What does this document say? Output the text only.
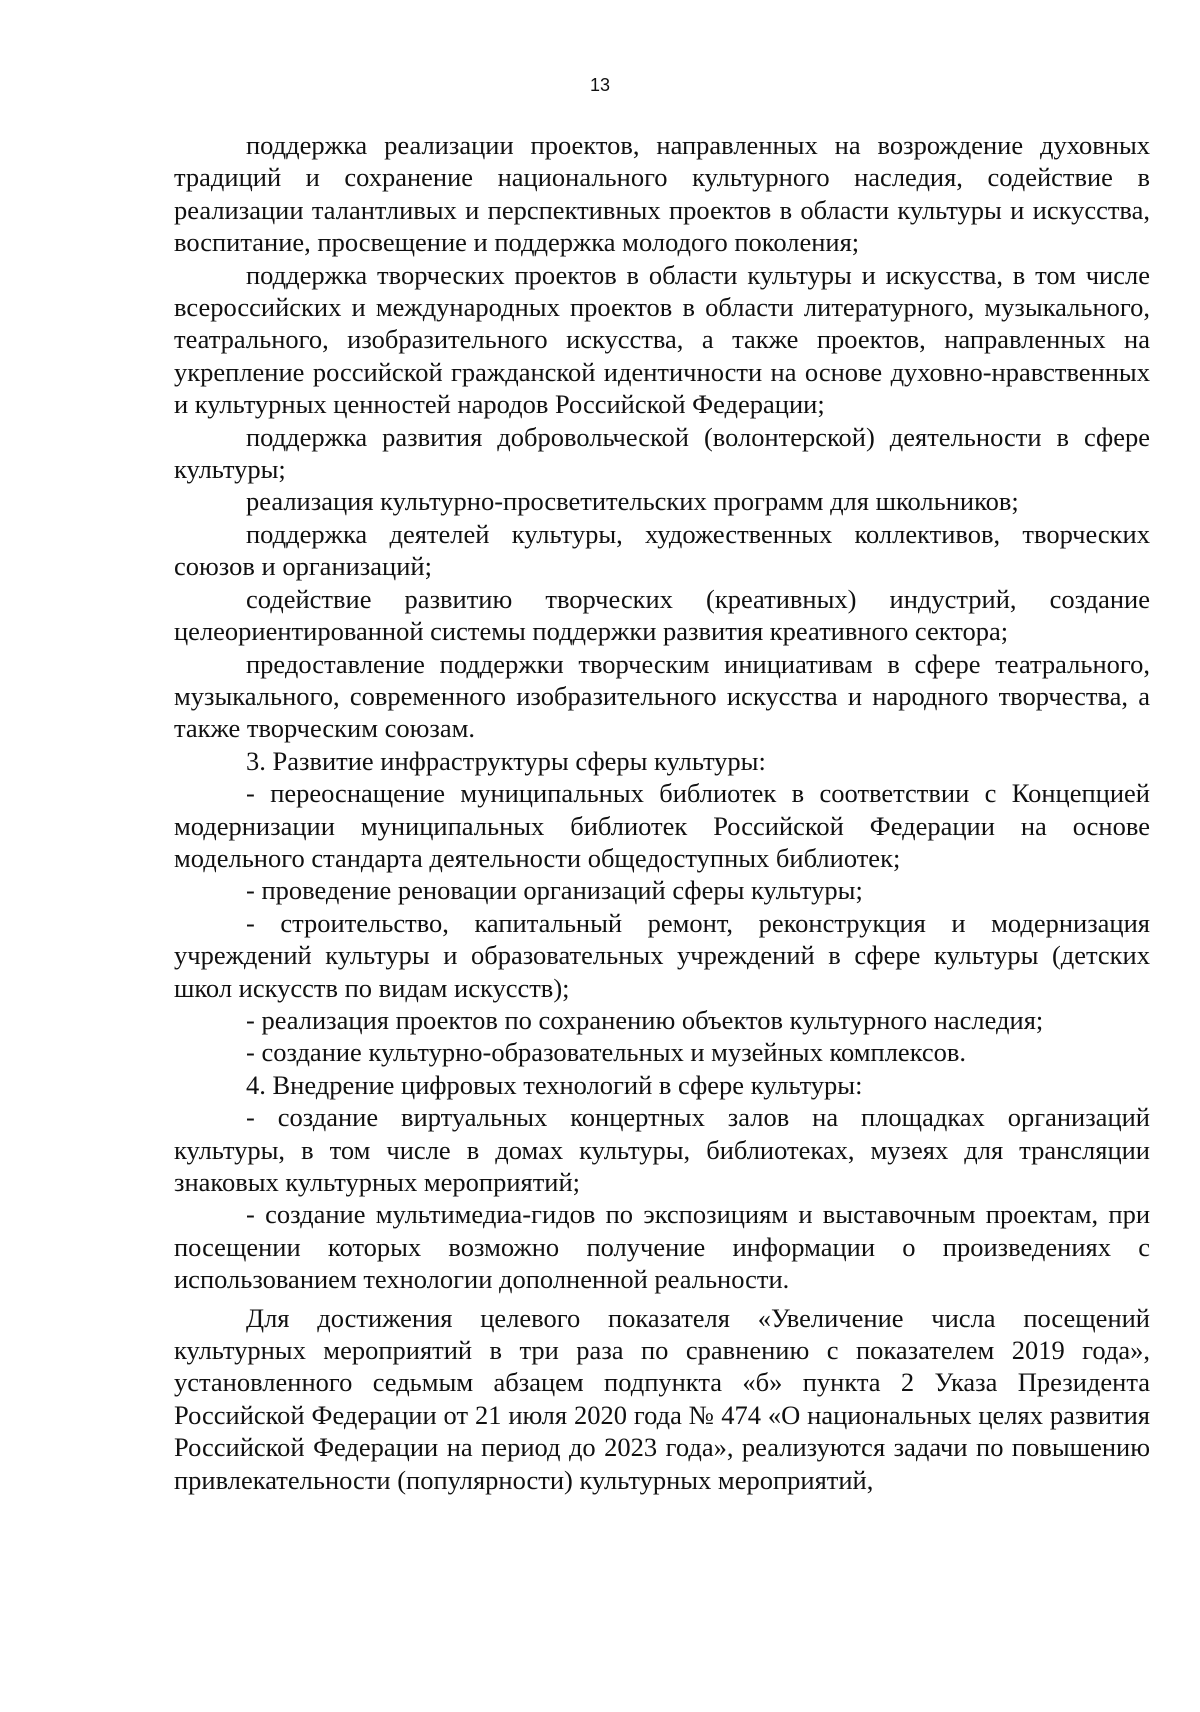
13

поддержка реализации проектов, направленных на возрождение духовных традиций и сохранение национального культурного наследия, содействие в реализации талантливых и перспективных проектов в области культуры и искусства, воспитание, просвещение и поддержка молодого поколения;

поддержка творческих проектов в области культуры и искусства, в том числе всероссийских и международных проектов в области литературного, музыкального, театрального, изобразительного искусства, а также проектов, направленных на укрепление российской гражданской идентичности на основе духовно-нравственных и культурных ценностей народов Российской Федерации;

поддержка развития добровольческой (волонтерской) деятельности в сфере культуры;

реализация культурно-просветительских программ для школьников;

поддержка деятелей культуры, художественных коллективов, творческих союзов и организаций;

содействие развитию творческих (креативных) индустрий, создание целеориентированной системы поддержки развития креативного сектора;

предоставление поддержки творческим инициативам в сфере театрального, музыкального, современного изобразительного искусства и народного творчества, а также творческим союзам.

3. Развитие инфраструктуры сферы культуры:

- переоснащение муниципальных библиотек в соответствии с Концепцией модернизации муниципальных библиотек Российской Федерации на основе модельного стандарта деятельности общедоступных библиотек;

- проведение реновации организаций сферы культуры;

- строительство, капитальный ремонт, реконструкция и модернизация учреждений культуры и образовательных учреждений в сфере культуры (детских школ искусств по видам искусств);

- реализация проектов по сохранению объектов культурного наследия;

- создание культурно-образовательных и музейных комплексов.

4. Внедрение цифровых технологий в сфере культуры:

- создание виртуальных концертных залов на площадках организаций культуры, в том числе в домах культуры, библиотеках, музеях для трансляции знаковых культурных мероприятий;

- создание мультимедиа-гидов по экспозициям и выставочным проектам, при посещении которых возможно получение информации о произведениях с использованием технологии дополненной реальности.

Для достижения целевого показателя «Увеличение числа посещений культурных мероприятий в три раза по сравнению с показателем 2019 года», установленного седьмым абзацем подпункта «б» пункта 2 Указа Президента Российской Федерации от 21 июля 2020 года № 474 «О национальных целях развития Российской Федерации на период до 2023 года», реализуются задачи по повышению привлекательности (популярности) культурных мероприятий,
